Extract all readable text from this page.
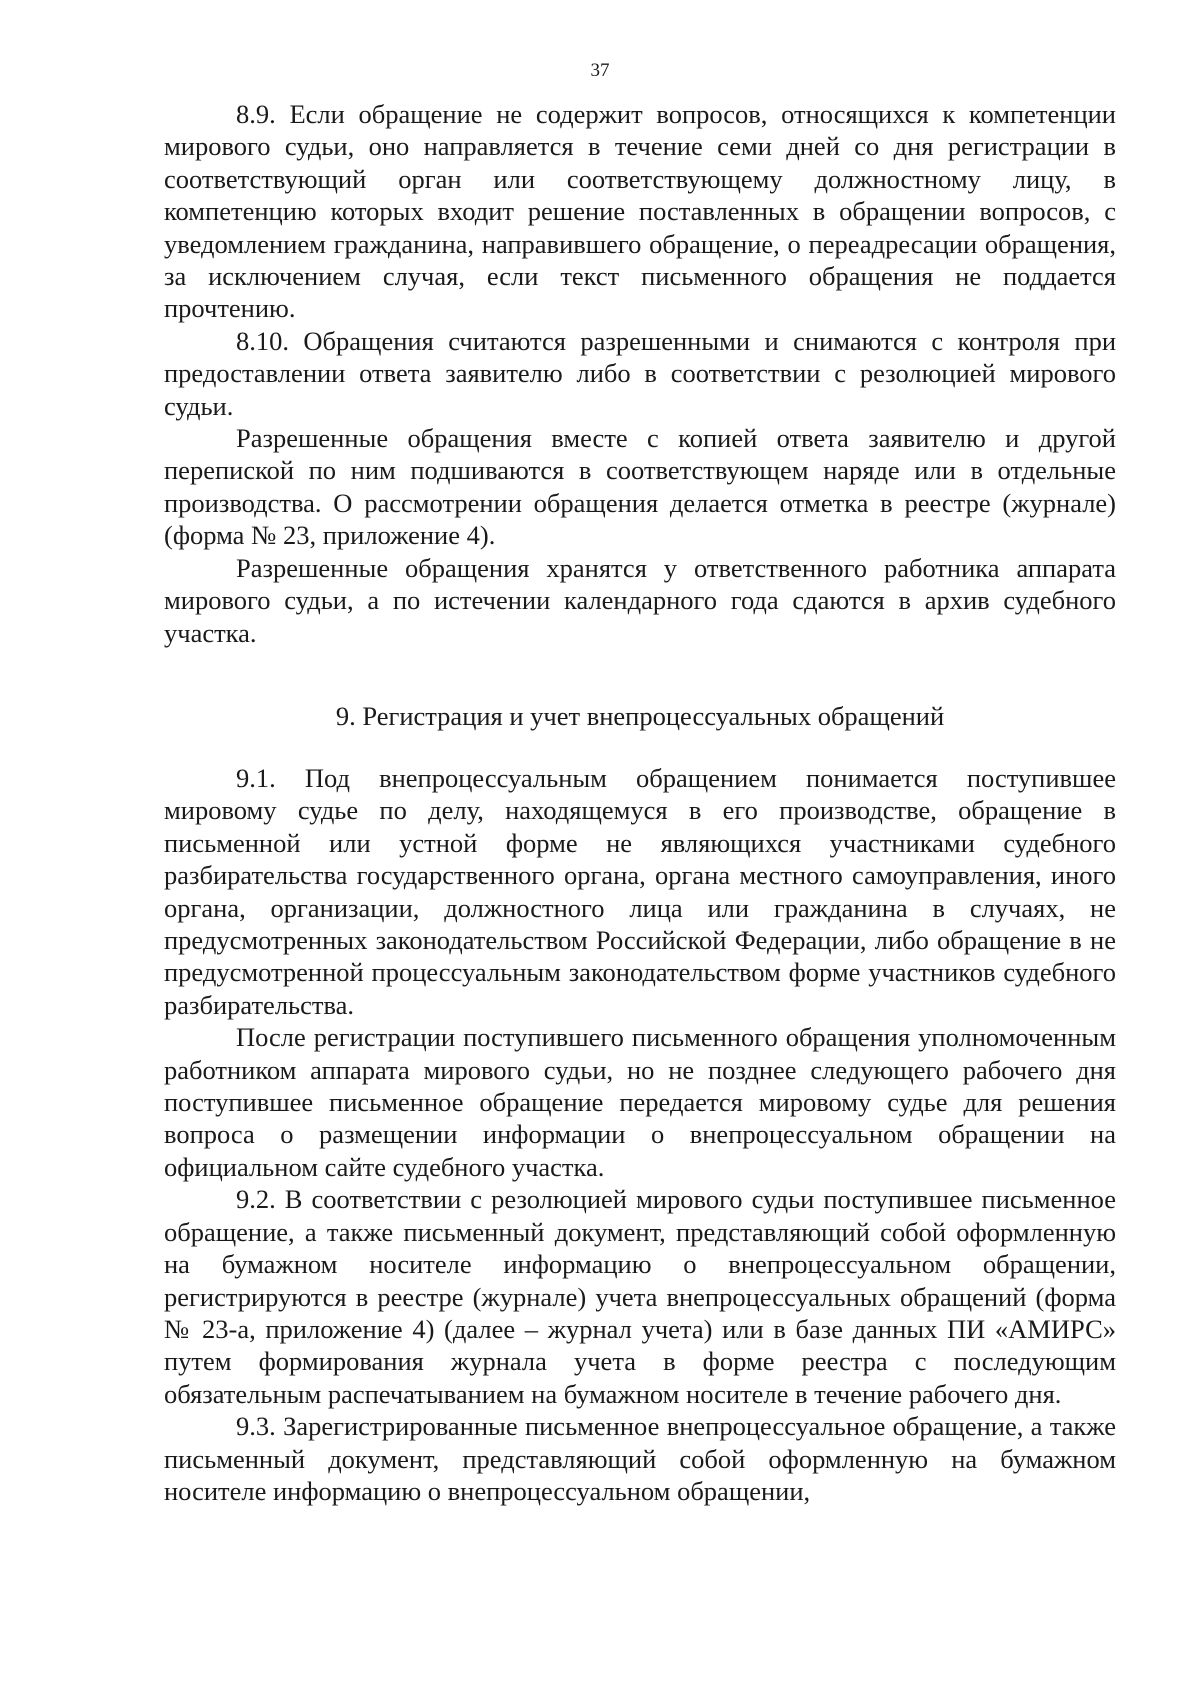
37

8.9. Если обращение не содержит вопросов, относящихся к компетенции мирового судьи, оно направляется в течение семи дней со дня регистрации в соответствующий орган или соответствующему должностному лицу, в компетенцию которых входит решение поставленных в обращении вопросов, с уведомлением гражданина, направившего обращение, о переадресации обращения, за исключением случая, если текст письменного обращения не поддается прочтению.

8.10. Обращения считаются разрешенными и снимаются с контроля при предоставлении ответа заявителю либо в соответствии с резолюцией мирового судьи.

Разрешенные обращения вместе с копией ответа заявителю и другой перепиской по ним подшиваются в соответствующем наряде или в отдельные производства. О рассмотрении обращения делается отметка в реестре (журнале) (форма № 23, приложение 4).

Разрешенные обращения хранятся у ответственного работника аппарата мирового судьи, а по истечении календарного года сдаются в архив судебного участка.

9. Регистрация и учет внепроцессуальных обращений

9.1. Под внепроцессуальным обращением понимается поступившее мировому судье по делу, находящемуся в его производстве, обращение в письменной или устной форме не являющихся участниками судебного разбирательства государственного органа, органа местного самоуправления, иного органа, организации, должностного лица или гражданина в случаях, не предусмотренных законодательством Российской Федерации, либо обращение в не предусмотренной процессуальным законодательством форме участников судебного разбирательства.

После регистрации поступившего письменного обращения уполномоченным работником аппарата мирового судьи, но не позднее следующего рабочего дня поступившее письменное обращение передается мировому судье для решения вопроса о размещении информации о внепроцессуальном обращении на официальном сайте судебного участка.

9.2. В соответствии с резолюцией мирового судьи поступившее письменное обращение, а также письменный документ, представляющий собой оформленную на бумажном носителе информацию о внепроцессуальном обращении, регистрируются в реестре (журнале) учета внепроцессуальных обращений (форма № 23-а, приложение 4) (далее – журнал учета) или в базе данных ПИ «АМИРС» путем формирования журнала учета в форме реестра с последующим обязательным распечатыванием на бумажном носителе в течение рабочего дня.

9.3. Зарегистрированные письменное внепроцессуальное обращение, а также письменный документ, представляющий собой оформленную на бумажном носителе информацию о внепроцессуальном обращении,
